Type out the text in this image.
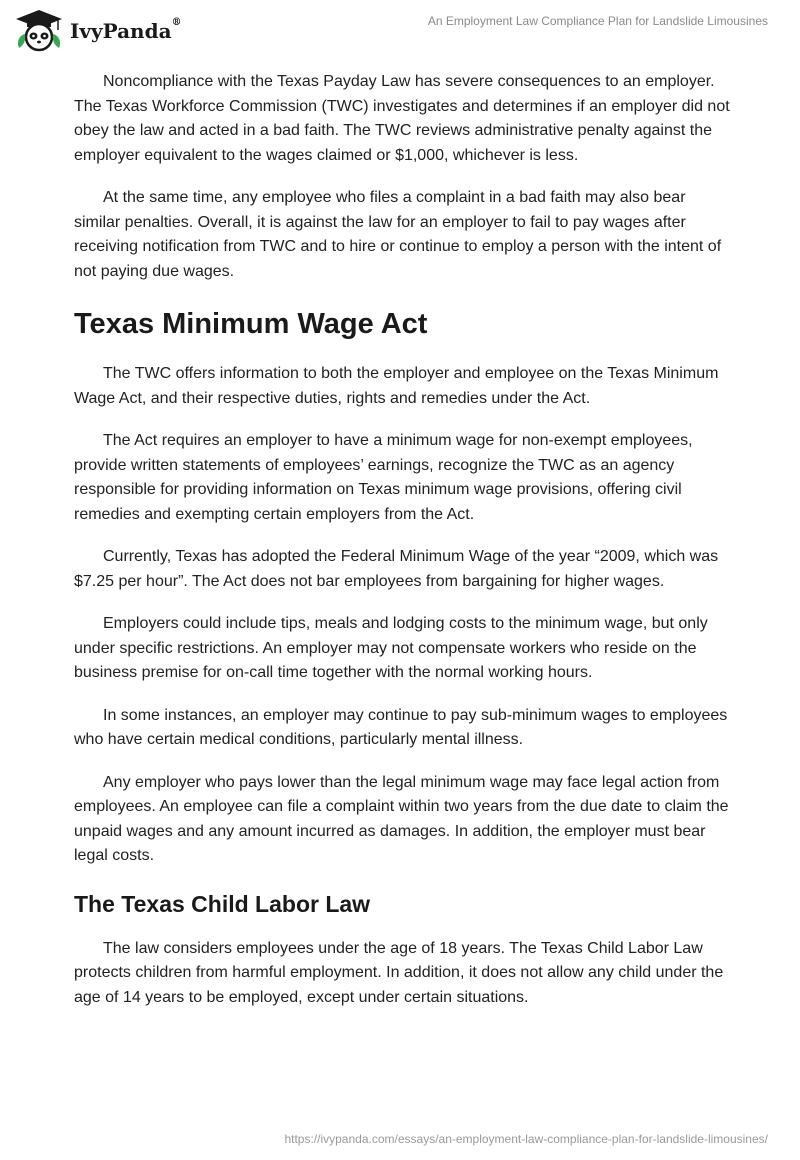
IvyPanda®	An Employment Law Compliance Plan for Landslide Limousines

Noncompliance with the Texas Payday Law has severe consequences to an employer. The Texas Workforce Commission (TWC) investigates and determines if an employer did not obey the law and acted in a bad faith. The TWC reviews administrative penalty against the employer equivalent to the wages claimed or $1,000, whichever is less.

At the same time, any employee who files a complaint in a bad faith may also bear similar penalties. Overall, it is against the law for an employer to fail to pay wages after receiving notification from TWC and to hire or continue to employ a person with the intent of not paying due wages.

Texas Minimum Wage Act

The TWC offers information to both the employer and employee on the Texas Minimum Wage Act, and their respective duties, rights and remedies under the Act.

The Act requires an employer to have a minimum wage for non-exempt employees, provide written statements of employees’ earnings, recognize the TWC as an agency responsible for providing information on Texas minimum wage provisions, offering civil remedies and exempting certain employers from the Act.

Currently, Texas has adopted the Federal Minimum Wage of the year “2009, which was $7.25 per hour”. The Act does not bar employees from bargaining for higher wages.

Employers could include tips, meals and lodging costs to the minimum wage, but only under specific restrictions. An employer may not compensate workers who reside on the business premise for on-call time together with the normal working hours.

In some instances, an employer may continue to pay sub-minimum wages to employees who have certain medical conditions, particularly mental illness.

Any employer who pays lower than the legal minimum wage may face legal action from employees. An employee can file a complaint within two years from the due date to claim the unpaid wages and any amount incurred as damages. In addition, the employer must bear legal costs.

The Texas Child Labor Law

The law considers employees under the age of 18 years. The Texas Child Labor Law protects children from harmful employment. In addition, it does not allow any child under the age of 14 years to be employed, except under certain situations.

https://ivypanda.com/essays/an-employment-law-compliance-plan-for-landslide-limousines/
